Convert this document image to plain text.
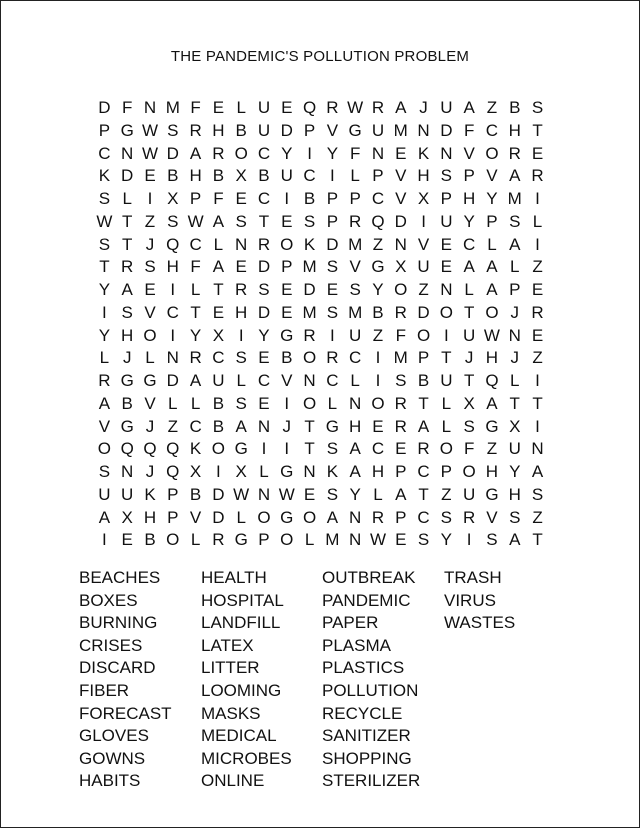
THE PANDEMIC'S POLLUTION PROBLEM
D F N M F E L U E Q R W R A J U A Z B S
P G W S R H B U D P V G U M N D F C H T
C N W D A R O C Y I Y F N E K N V O R E
K D E B H B X B U C I L P V H S P V A R
S L I X P F E C I B P P C V X P H Y M I
W T Z S W A S T E S P R Q D I U Y P S L
S T J Q C L N R O K D M Z N V E C L A I
T R S H F A E D P M S V G X U E A A L Z
Y A E I L T R S E D E S Y O Z N L A P E
I S V C T E H D E M S M B R D O T O J R
Y H O I Y X I Y G R I U Z F O I U W N E
L J L N R C S E B O R C I M P T J H J Z
R G G D A U L C V N C L I S B U T Q L I
A B V L L B S E I O L N O R T L X A T T
V G J Z C B A N J T G H E R A L S G X I
O Q Q Q K O G I	I T S A C E R O F Z U N
S N J Q X I X L G N K A H P C P O H Y A
U U K P B D W N W E S Y L A T Z U G H S
A X H P V D L O G O A N R P C S R V S Z
I E B O L R G P O L M N W E S Y I S A T
BEACHES
BOXES
BURNING
CRISES
DISCARD
FIBER
FORECAST
GLOVES
GOWNS
HABITS
HEALTH
HOSPITAL
LANDFILL
LATEX
LITTER
LOOMING
MASKS
MEDICAL
MICROBES
ONLINE
OUTBREAK
PANDEMIC
PAPER
PLASMA
PLASTICS
POLLUTION
RECYCLE
SANITIZER
SHOPPING
STERILIZER
TRASH
VIRUS
WASTES
